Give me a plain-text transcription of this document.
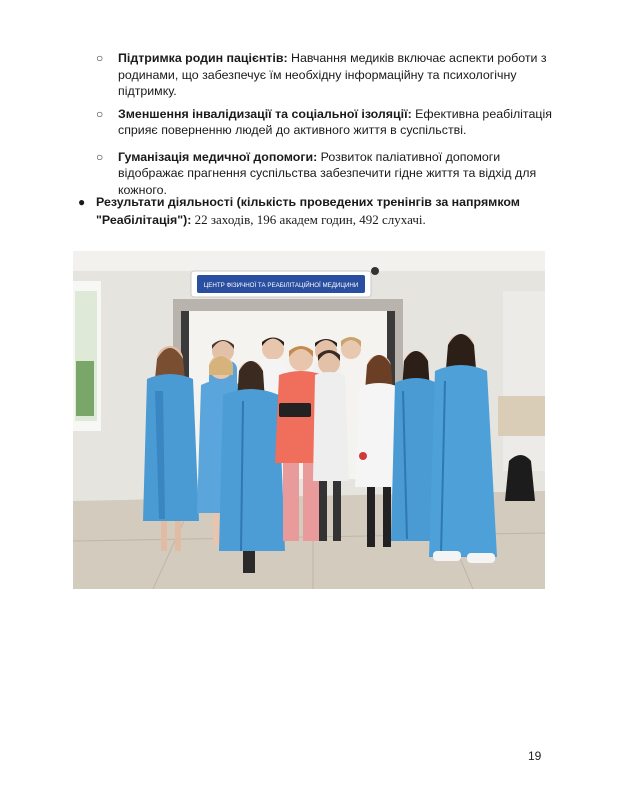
○ Підтримка родин пацієнтів: Навчання медиків включає аспекти роботи з родинами, що забезпечує їм необхідну інформаційну та психологічну підтримку.
○ Зменшення інвалідизації та соціальної ізоляції: Ефективна реабілітація сприяє поверненню людей до активного життя в суспільстві.
○ Гуманізація медичної допомоги: Розвиток паліативної допомоги відображає прагнення суспільства забезпечити гідне життя та відхід для кожного.
● Результати діяльності (кількість проведених тренінгів за напрямком "Реабілітація"): 22 заходів, 196 академ годин, 492 слухачі.
ЦЕНТР ФІЗИЧНОЇ ТА РЕАБІЛІТАЦІЙНОЇ МЕДИЦИНИ
19
